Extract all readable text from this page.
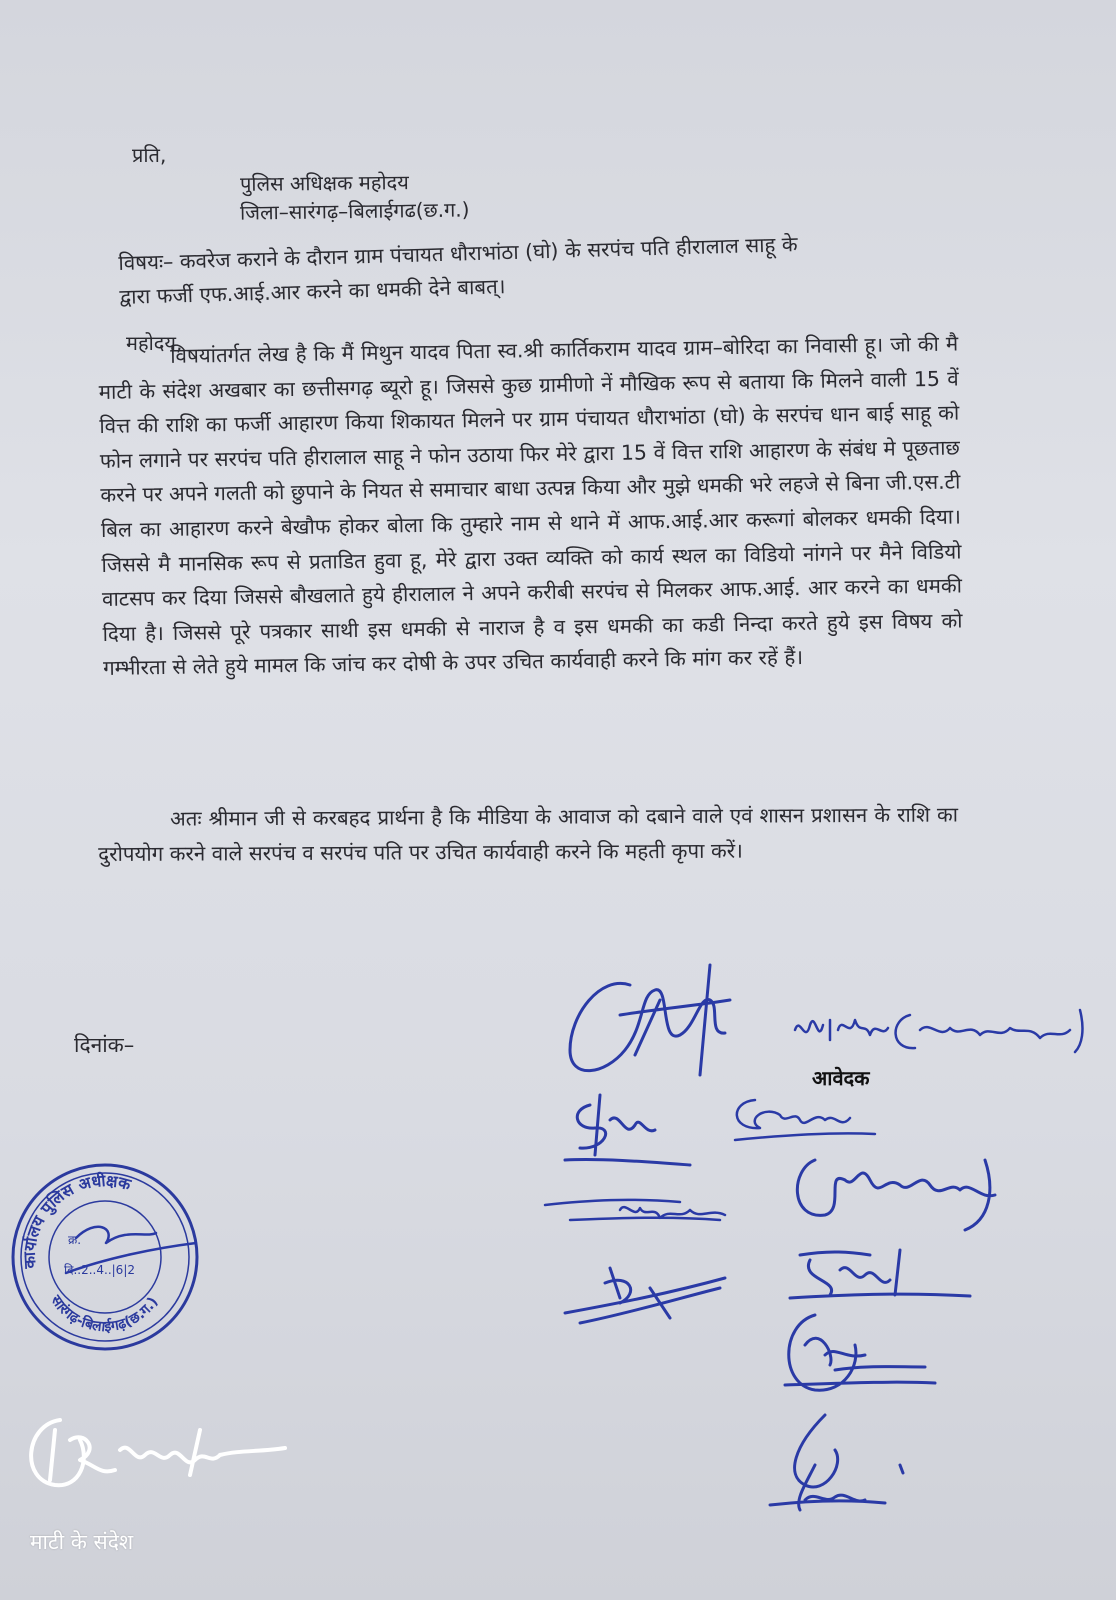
प्रति,
पुलिस अधिक्षक महोदय
जिला–सारंगढ़–बिलाईगढ(छ.ग.)
विषयः– कवरेज कराने के दौरान ग्राम पंचायत धौराभांठा (घो) के सरपंच पति हीरालाल साहू के
द्वारा फर्जी एफ.आई.आर करने का धमकी देने बाबत्।
महोदय,

विषयांतर्गत लेख है कि मैं मिथुन यादव पिता स्व.श्री कार्तिकराम यादव ग्राम–बोरिदा का निवासी हू। जो की मै माटी के संदेश अखबार का छत्तीसगढ़ ब्यूरो हू। जिससे कुछ ग्रामीणो नें मौखिक रूप से बताया कि मिलने वाली 15 वें वित्त की राशि का फर्जी आहारण किया शिकायत मिलने पर ग्राम पंचायत धौराभांठा (घो) के सरपंच धान बाई साहू को फोन लगाने पर सरपंच पति हीरालाल साहू ने फोन उठाया फिर मेरे द्वारा 15 वें वित्त राशि आहारण के संबंध मे पूछताछ करने पर अपने गलती को छुपाने के नियत से समाचार बाधा उत्पन्न किया और मुझे धमकी भरे लहजे से बिना जी.एस.टी बिल का आहारण करने बेखौफ होकर बोला कि तुम्हारे नाम से थाने में आफ.आई.आर करूगां बोलकर धमकी दिया। जिससे मै मानसिक रूप से प्रताडित हुवा हू, मेरे द्वारा उक्त व्यक्ति को कार्य स्थल का विडियो नांगने पर मैने विडियो वाटसप कर दिया जिससे बौखलाते हुये हीरालाल ने अपने करीबी सरपंच से मिलकर आफ.आई. आर करने का धमकी दिया है। जिससे पूरे पत्रकार साथी इस धमकी से नाराज है व इस धमकी का कडी निन्दा करते हुये इस विषय को गम्भीरता से लेते हुये मामल कि जांच कर दोषी के उपर उचित कार्यवाही करने कि मांग कर रहें हैं।

अतः श्रीमान जी से करबहद प्रार्थना है कि मीडिया के आवाज को दबाने वाले एवं शासन प्रशासन के राशि का दुरोपयोग करने वाले सरपंच व सरपंच पति पर उचित कार्यवाही करने कि महती कृपा करें।

दिनांक–
आवेदक
कार्यालय पुलिस अधीक्षक
सारंगढ़-बिलाईगढ़(छ.ग.)
क्र.
दि..2..4..|6|2
माटी के संदेश
